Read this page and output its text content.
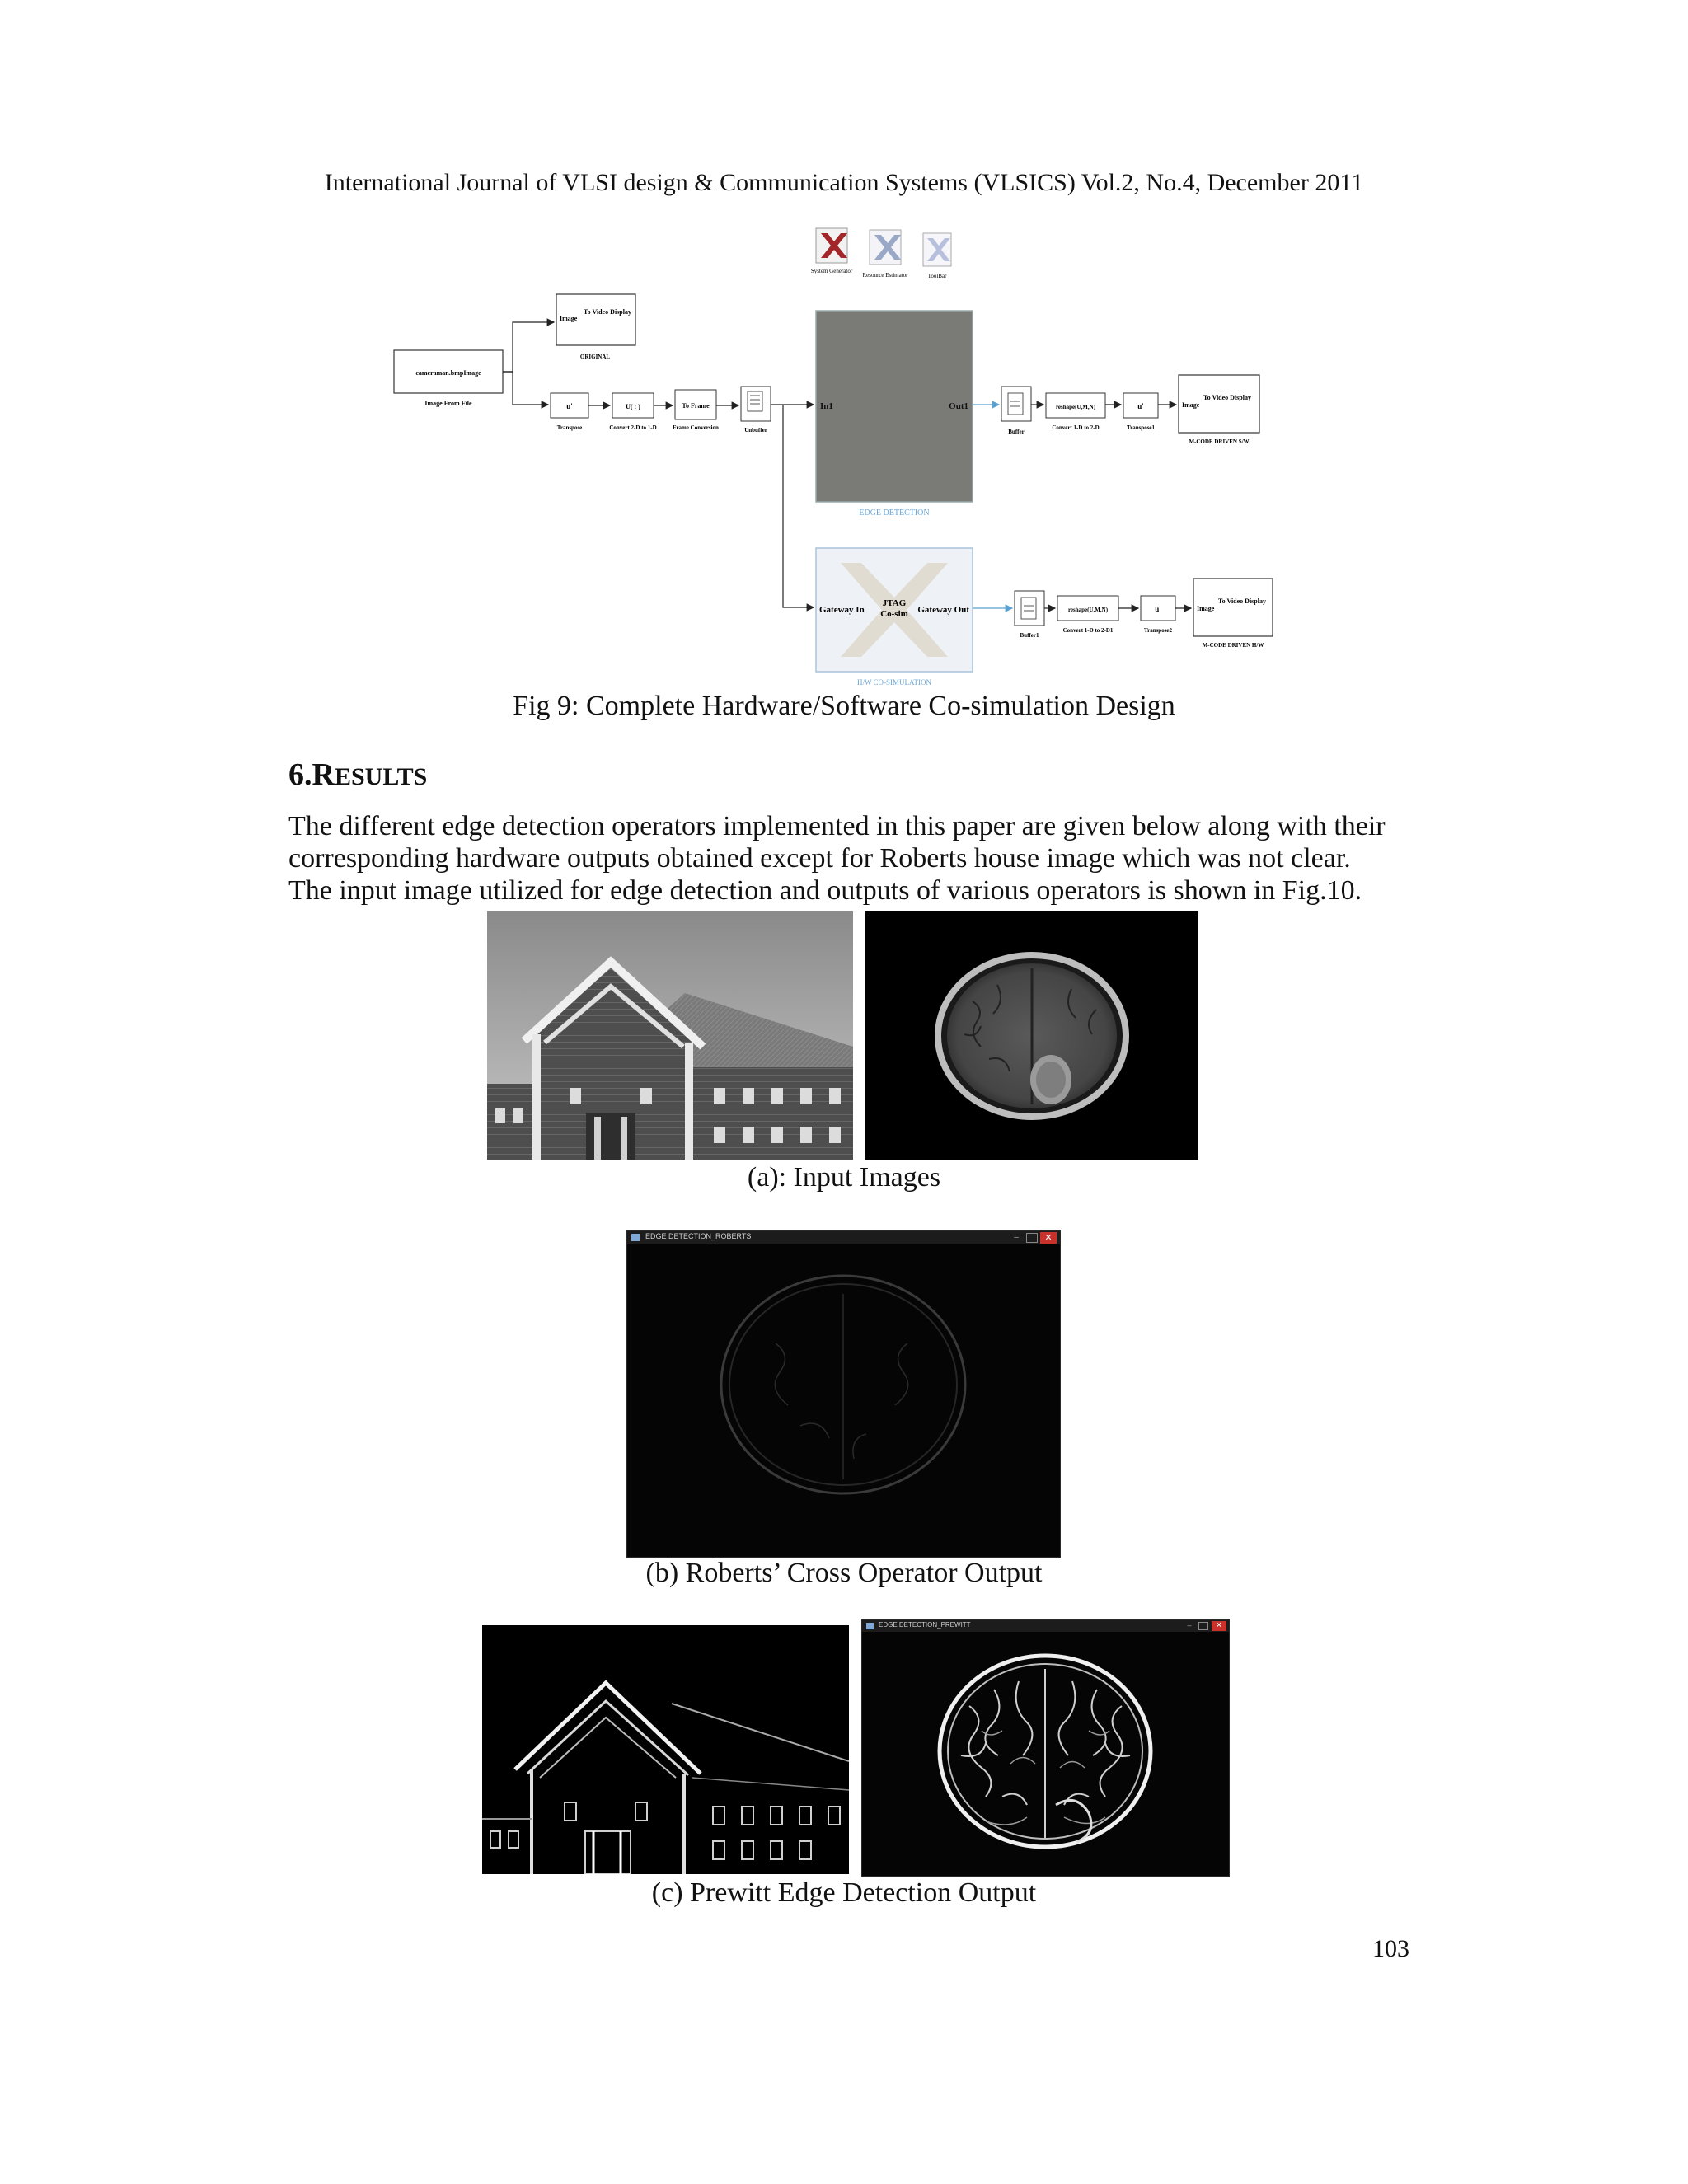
International Journal of VLSI design & Communication Systems (VLSICS) Vol.2, No.4, December 2011
System Generator
Resource Estimator	ToolBar
Image
To Video Display
ORIGINAL
cameraman.bmpImage
Image From File	u'
Transpose
U( : )
Convert 2-D to 1-D
To Frame
Frame Conversion	Unbuffer
In1	Out1
EDGE DETECTION
Buffer
reshape(U,M,N)
Convert 1-D to 2-D
u'
Transpose1
Image
To Video Display
M-CODE DRIVEN S/W
Gateway In	Gateway Out
JTAG
Co-sim
H/W CO-SIMULATION
Buffer1
reshape(U,M,N)
Convert 1-D to 2-D1
u'
Transpose2
Image
To Video Display
M-CODE DRIVEN H/W
Fig 9: Complete Hardware/Software Co-simulation Design
6.RESULTS
The different edge detection operators implemented in this paper are given below along with their
corresponding hardware outputs obtained except for Roberts house image which was not clear.
The input image utilized for edge detection and outputs of various operators is shown in Fig.10.
(a): Input Images
EDGE DETECTION_ROBERTS	–	✕
(b) Roberts’ Cross Operator Output
EDGE DETECTION_PREWITT	–	✕
(c) Prewitt Edge Detection Output
103
